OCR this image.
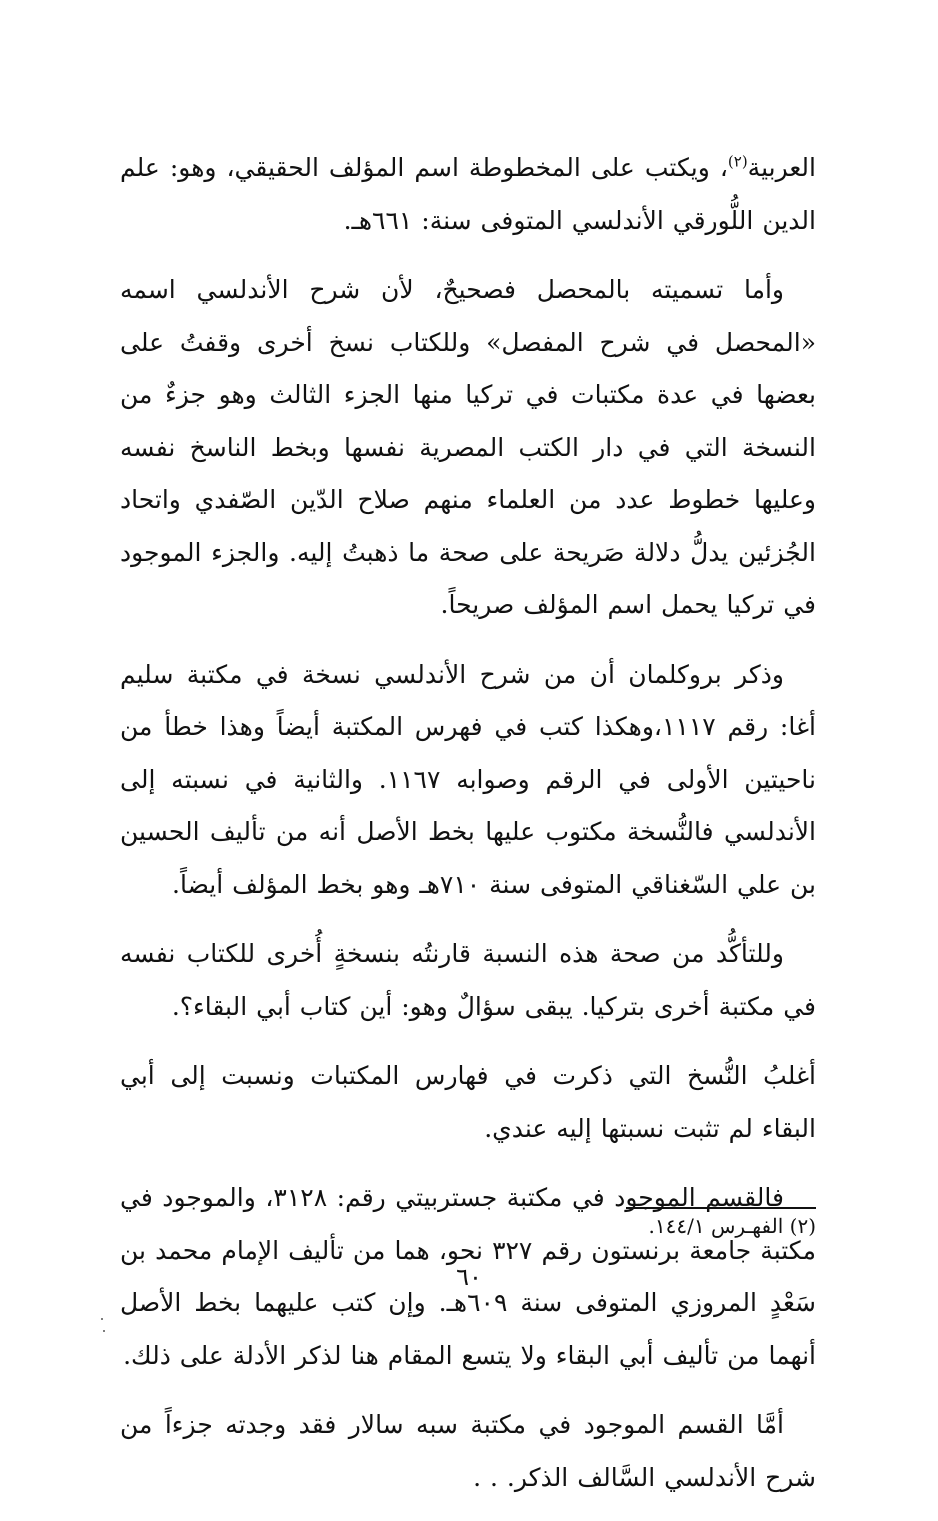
العربية$^{(٢)}$، ويكتب على المخطوطة اسم المؤلف الحقيقي، وهو: علم الدين اللُّورقي الأندلسي المتوفى سنة: ٦٦١هـ.

وأما تسميته بالمحصل فصحيحٌ، لأن شرح الأندلسي اسمه «المحصل في شرح المفصل» وللكتاب نسخ أخرى وقفتُ على بعضها في عدة مكتبات في تركيا منها الجزء الثالث وهو جزءٌ من النسخة التي في دار الكتب المصرية نفسها وبخط الناسخ نفسه وعليها خطوط عدد من العلماء منهم صلاح الدّين الصّفدي واتحاد الجُزئين يدلُّ دلالة صَريحة على صحة ما ذهبتُ إليه. والجزء الموجود في تركيا يحمل اسم المؤلف صريحاً.

وذكر بروكلمان أن من شرح الأندلسي نسخة في مكتبة سليم أغا: رقم ١١١٧،وهكذا كتب في فهرس المكتبة أيضاً وهذا خطأ من ناحيتين الأولى في الرقم وصوابه ١١٦٧. والثانية في نسبته إلى الأندلسي فالنُّسخة مكتوب عليها بخط الأصل أنه من تأليف الحسين بن علي السّغناقي المتوفى سنة ٧١٠هـ وهو بخط المؤلف أيضاً.

وللتأكُّد من صحة هذه النسبة قارنتُه بنسخةٍ أُخرى للكتاب نفسه في مكتبة أخرى بتركيا. يبقى سؤالٌ وهو: أين كتاب أبي البقاء؟.

أغلبُ النُّسخ التي ذكرت في فهارس المكتبات ونسبت إلى أبي البقاء لم تثبت نسبتها إليه عندي.

فالقسم الموجود في مكتبة جستربيتي رقم: ٣١٢٨، والموجود في مكتبة جامعة برنستون رقم ٣٢٧ نحو، هما من تأليف الإمام محمد بن سَعْدٍ المروزي المتوفى سنة ٦٠٩هـ. وإن كتب عليهما بخط الأصل أنهما من تأليف أبي البقاء ولا يتسع المقام هنا لذكر الأدلة على ذلك.

أمَّا القسم الموجود في مكتبة سبه سالار فقد وجدته جزءاً من شرح الأندلسي السَّالف الذكر. . .

(٢) الفهـرس ١٤٤/١.
٦٠
